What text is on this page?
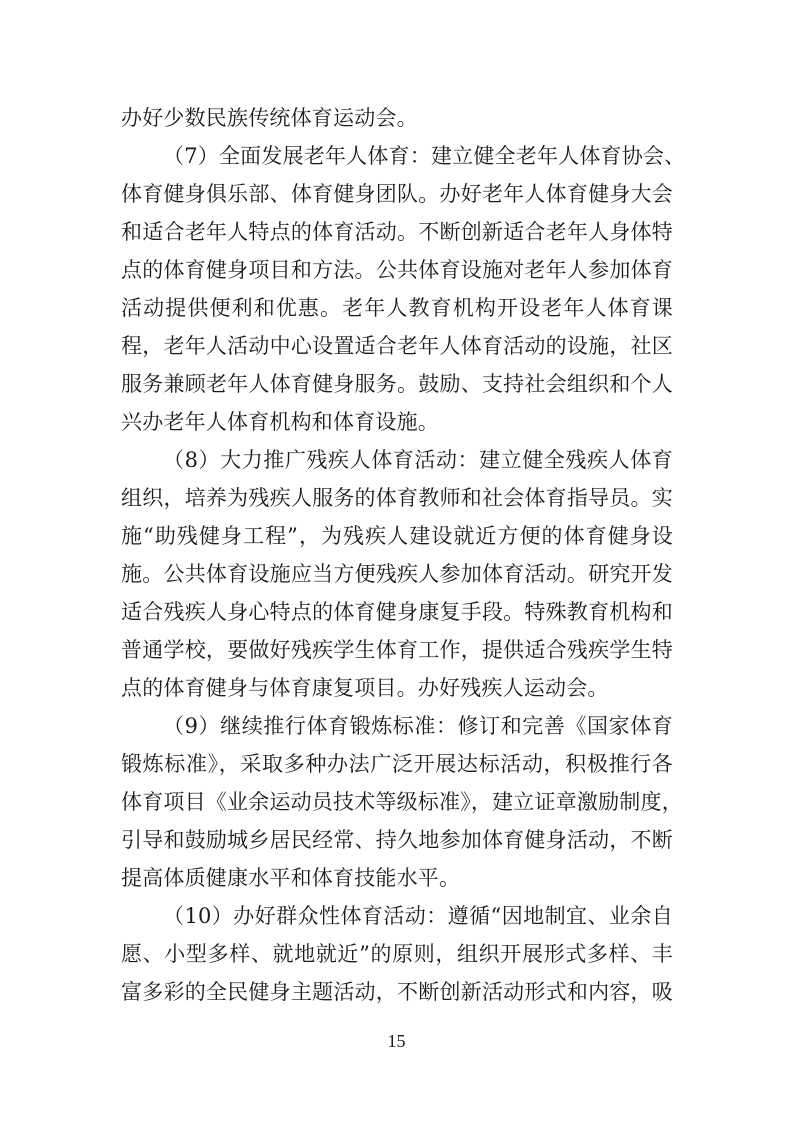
办好少数民族传统体育运动会。
（7）全面发展老年人体育：建立健全老年人体育协会、
体育健身俱乐部、体育健身团队。办好老年人体育健身大会
和适合老年人特点的体育活动。不断创新适合老年人身体特
点的体育健身项目和方法。公共体育设施对老年人参加体育
活动提供便利和优惠。老年人教育机构开设老年人体育课
程，老年人活动中心设置适合老年人体育活动的设施，社区
服务兼顾老年人体育健身服务。鼓励、支持社会组织和个人
兴办老年人体育机构和体育设施。
（8）大力推广残疾人体育活动：建立健全残疾人体育
组织，培养为残疾人服务的体育教师和社会体育指导员。实
施“助残健身工程”，为残疾人建设就近方便的体育健身设
施。公共体育设施应当方便残疾人参加体育活动。研究开发
适合残疾人身心特点的体育健身康复手段。特殊教育机构和
普通学校，要做好残疾学生体育工作，提供适合残疾学生特
点的体育健身与体育康复项目。办好残疾人运动会。
（9）继续推行体育锻炼标准：修订和完善《国家体育
锻炼标准》，采取多种办法广泛开展达标活动，积极推行各
体育项目《业余运动员技术等级标准》，建立证章激励制度，
引导和鼓励城乡居民经常、持久地参加体育健身活动，不断
提高体质健康水平和体育技能水平。
（10）办好群众性体育活动：遵循“因地制宜、业余自
愿、小型多样、就地就近”的原则，组织开展形式多样、丰
富多彩的全民健身主题活动，不断创新活动形式和内容，吸
15
